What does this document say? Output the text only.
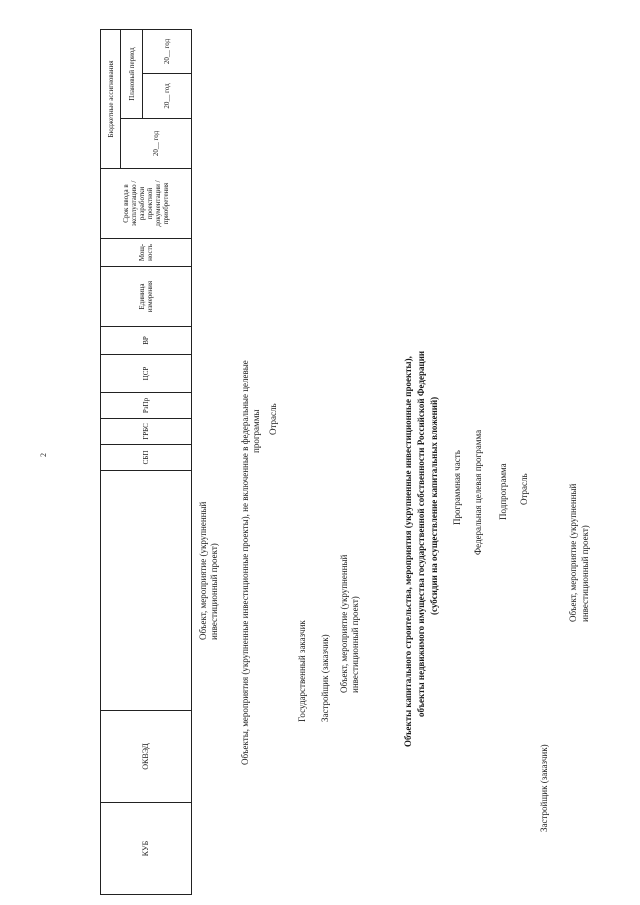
2
КУБ	ОКВЭД		СБП	ГРБС	РзПр	ЦСР	ВР	Единица измерения	Мощ-ность	Срок ввода в эксплуатацию / разработки проектной документации / приобретения	Бюджетные ассигнования		
											20__ год	Плановый период	
												20__ год	20__ год
Объект, мероприятие (укрупненный инвестиционный проект) Объекты, мероприятия (укрупненные инвестиционные проекты), не включенные в федеральные целевые программы Отрасль
Государственный заказчик Застройщик (заказчик) Объект, мероприятие (укрупненный инвестиционный проект)	Объекты капитального строительства, мероприятия (укрупненные инвестиционные проекты), объекты недвижимого имущества государственной собственности Российской Федерации (субсидии на осуществление капитальных вложений) Программная часть Федеральная целевая программа Подпрограмма Отрасль
Застройщик (заказчик)
Объект, мероприятие (укрупненный инвестиционный проект)
